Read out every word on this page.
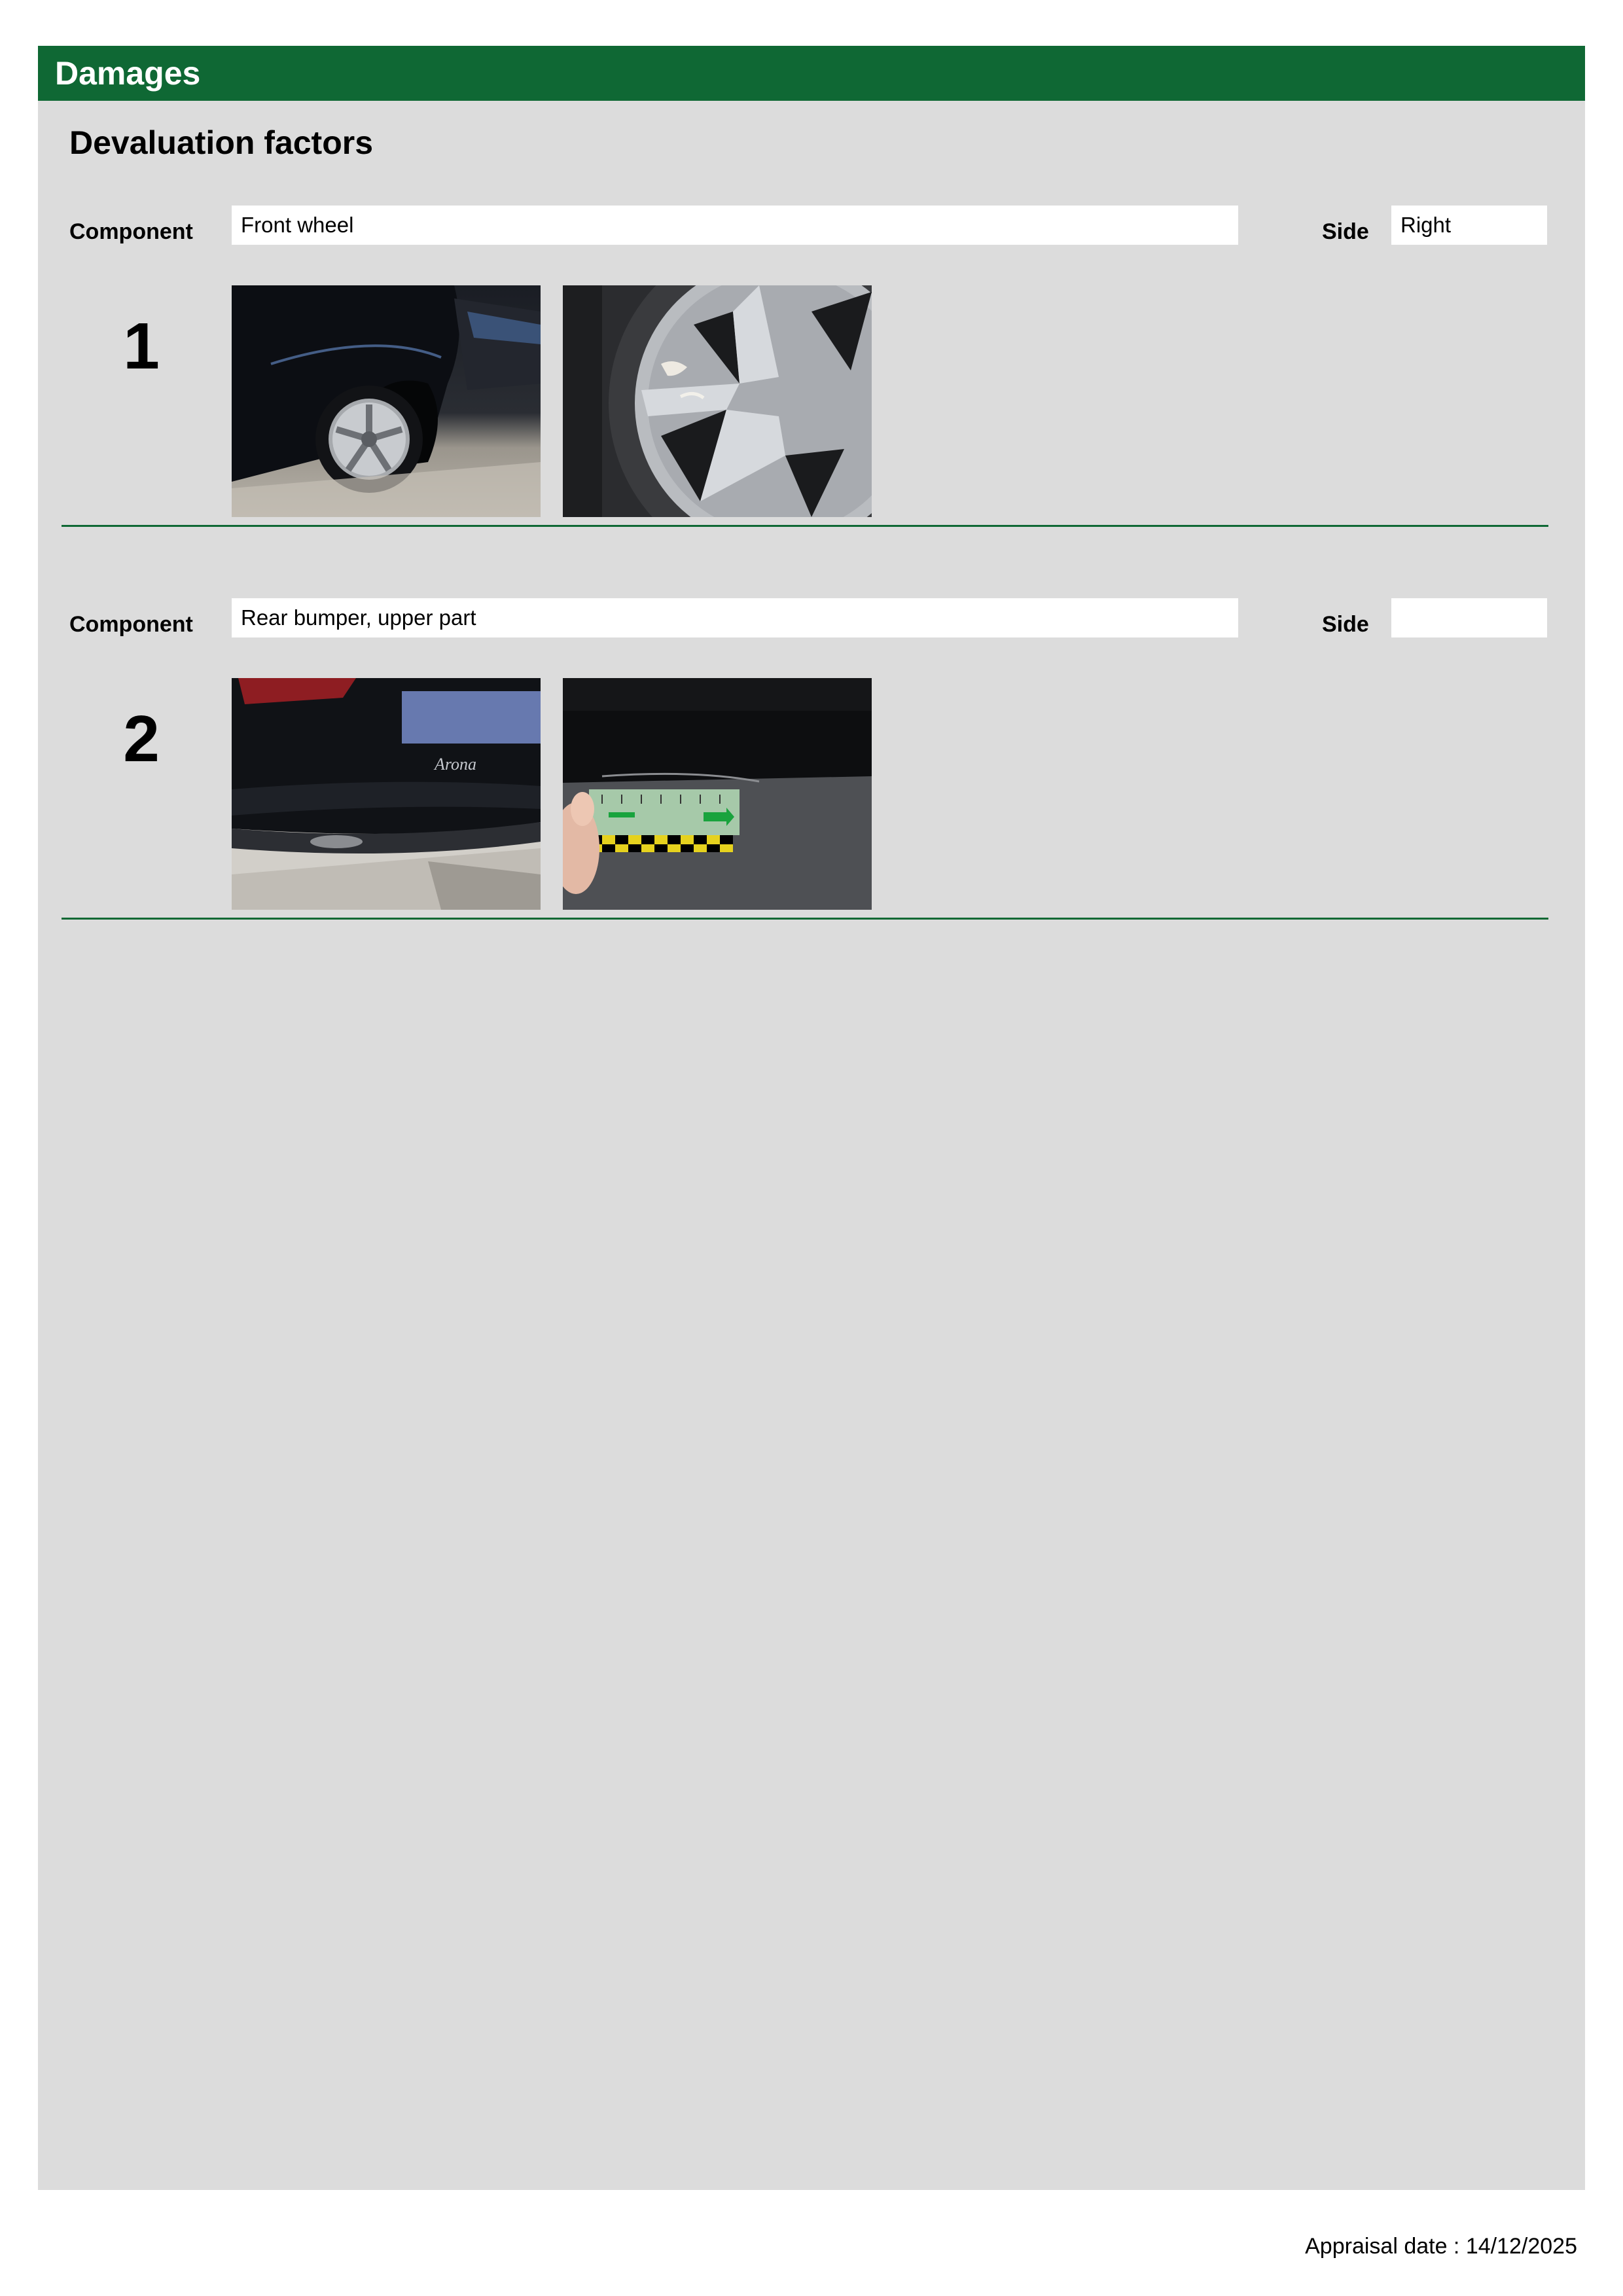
Damages
Devaluation factors
Component	Front wheel	Side	Right
1
Component	Rear bumper, upper part	Side
2	Arona
Appraisal date : 14/12/2025
